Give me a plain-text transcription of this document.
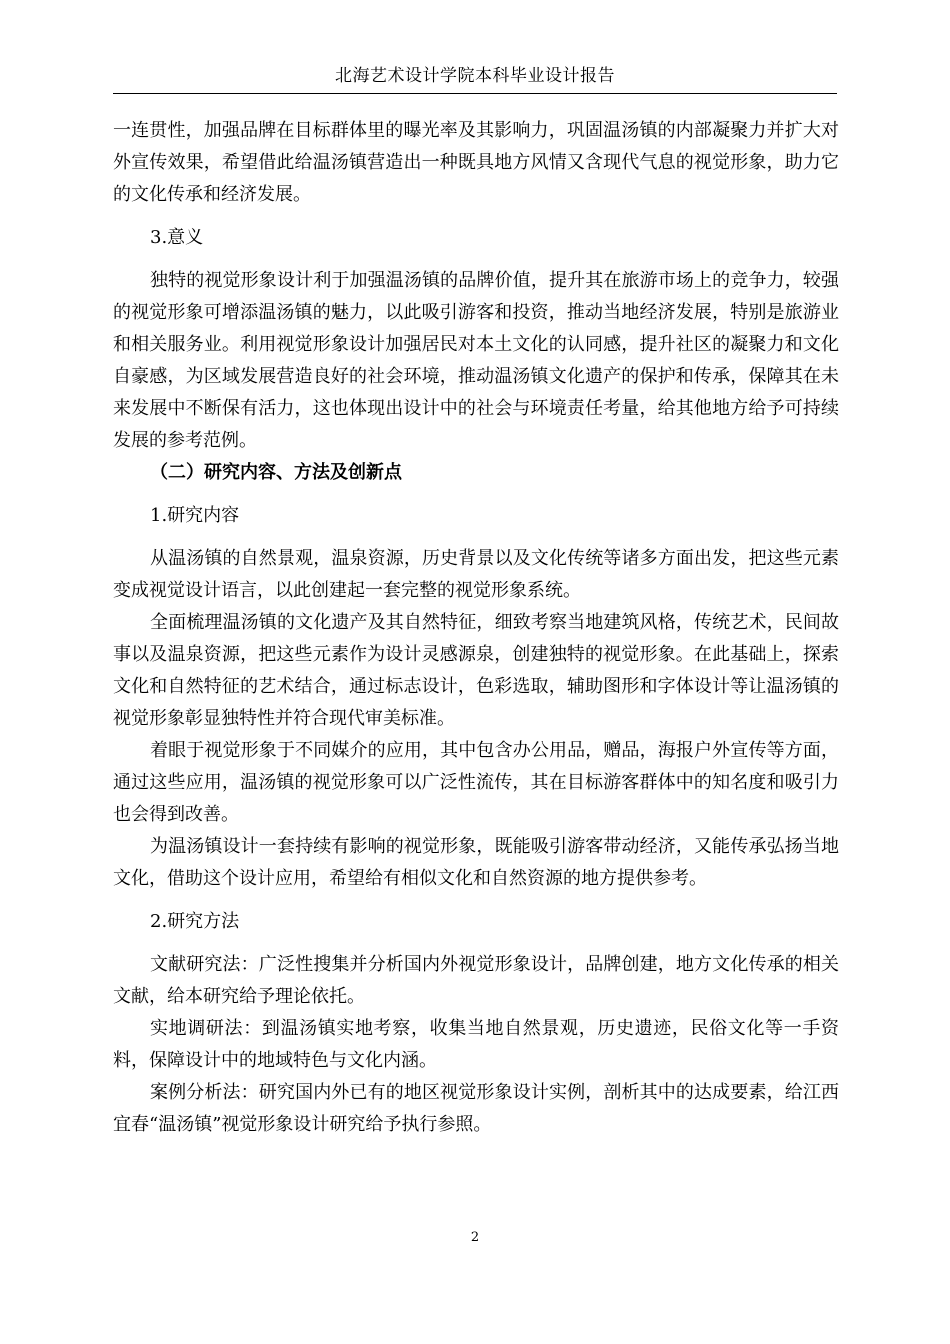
北海艺术设计学院本科毕业设计报告

一连贯性，加强品牌在目标群体里的曝光率及其影响力，巩固温汤镇的内部凝聚力并扩大对外宣传效果，希望借此给温汤镇营造出一种既具地方风情又含现代气息的视觉形象，助力它的文化传承和经济发展。

3.意义

独特的视觉形象设计利于加强温汤镇的品牌价值，提升其在旅游市场上的竞争力，较强的视觉形象可增添温汤镇的魅力，以此吸引游客和投资，推动当地经济发展，特别是旅游业和相关服务业。利用视觉形象设计加强居民对本土文化的认同感，提升社区的凝聚力和文化自豪感，为区域发展营造良好的社会环境，推动温汤镇文化遗产的保护和传承，保障其在未来发展中不断保有活力，这也体现出设计中的社会与环境责任考量，给其他地方给予可持续发展的参考范例。

（二）研究内容、方法及创新点

1.研究内容

从温汤镇的自然景观，温泉资源，历史背景以及文化传统等诸多方面出发，把这些元素变成视觉设计语言，以此创建起一套完整的视觉形象系统。

全面梳理温汤镇的文化遗产及其自然特征，细致考察当地建筑风格，传统艺术，民间故事以及温泉资源，把这些元素作为设计灵感源泉，创建独特的视觉形象。在此基础上，探索文化和自然特征的艺术结合，通过标志设计，色彩选取，辅助图形和字体设计等让温汤镇的视觉形象彰显独特性并符合现代审美标准。

着眼于视觉形象于不同媒介的应用，其中包含办公用品，赠品，海报户外宣传等方面，通过这些应用，温汤镇的视觉形象可以广泛性流传，其在目标游客群体中的知名度和吸引力也会得到改善。

为温汤镇设计一套持续有影响的视觉形象，既能吸引游客带动经济，又能传承弘扬当地文化，借助这个设计应用，希望给有相似文化和自然资源的地方提供参考。

2.研究方法

文献研究法：广泛性搜集并分析国内外视觉形象设计，品牌创建，地方文化传承的相关文献，给本研究给予理论依托。

实地调研法：到温汤镇实地考察，收集当地自然景观，历史遗迹，民俗文化等一手资料，保障设计中的地域特色与文化内涵。

案例分析法：研究国内外已有的地区视觉形象设计实例，剖析其中的达成要素，给江西宜春“温汤镇”视觉形象设计研究给予执行参照。

2
